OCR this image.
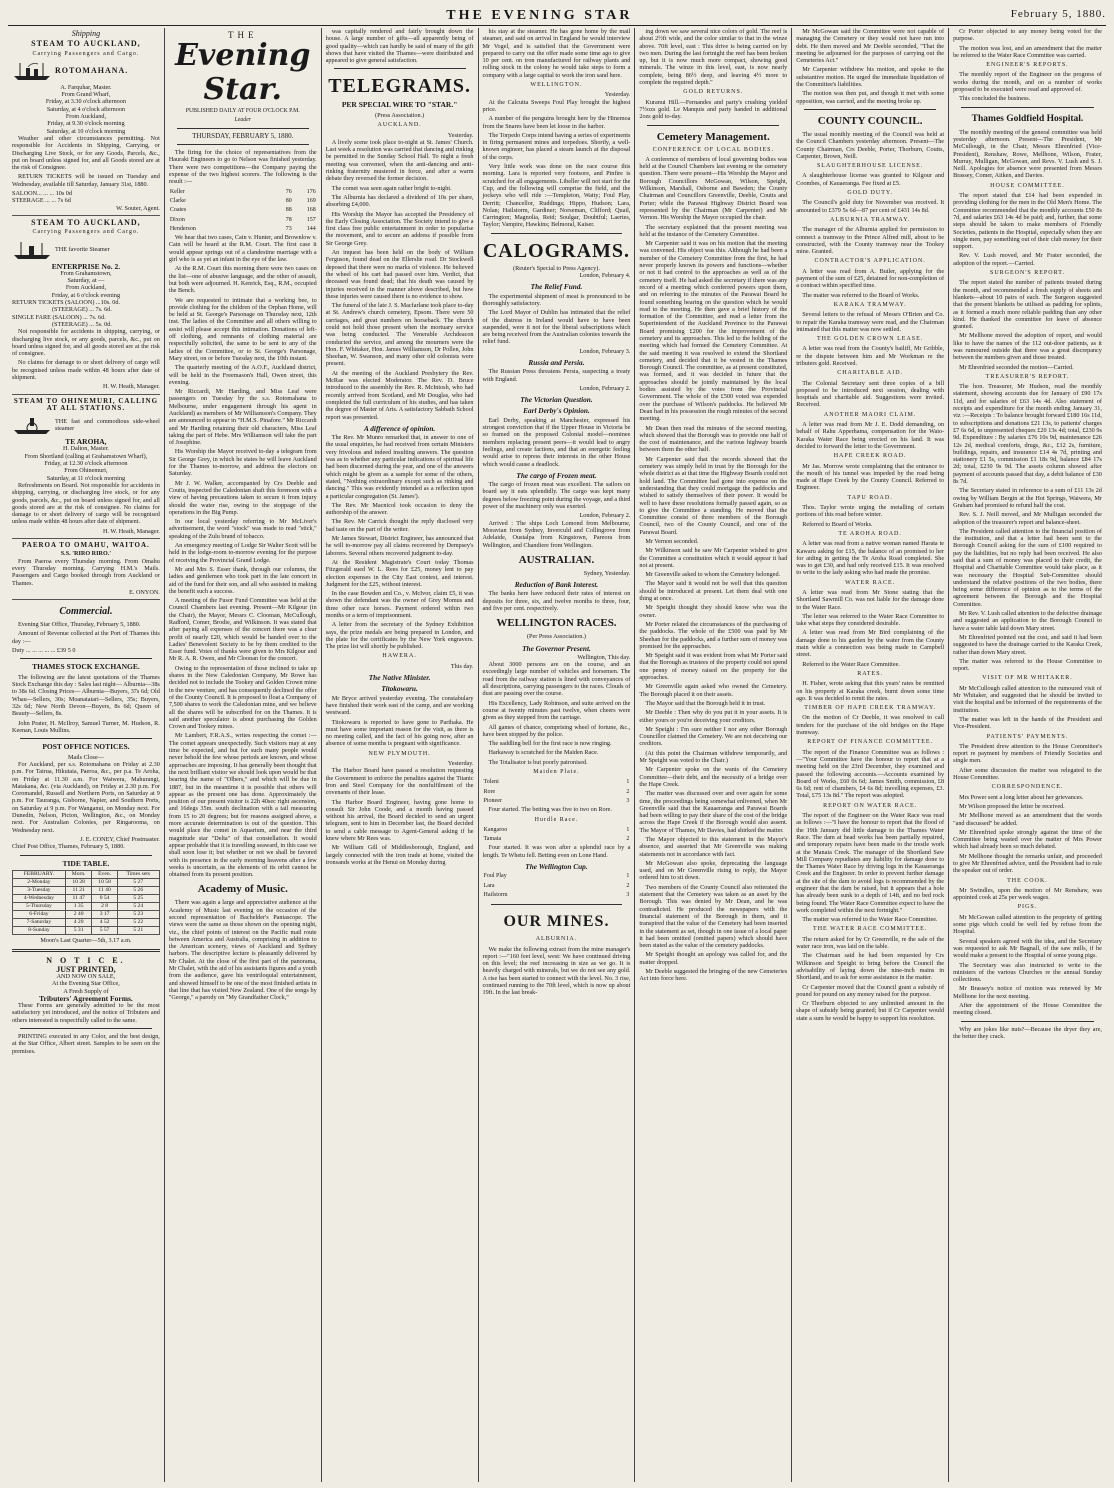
THE EVENING STAR	February 5, 1880.
Shipping
STEAM TO AUCKLAND,
Carrying Passengers and Cargo.
ROTOMAHANA.
A. Farquhar, Master.
From Grand Wharf,
Friday, at 3.30 o'clock afternoon
Saturday, at 4 o'clock afternoon
From Auckland,
Friday, at 9.30 o'clock morning
Saturday, at 10 o'clock morning

Weather and other circumstances permitting. Not responsible for Accidents in Shipping, Carrying, or Discharging Live Stock, or for any Goods, Parcels, &c., put on board unless signed for, and all Goods stored are at the risk of Consignee.

RETURN TICKETS will be issued on Tuesday and Wednesday, available till Saturday, January 31st, 1880.

SALOON... ... ... 10s 0d
STEERAGE ... ... 7s 6d
W. Souter, Agent.
STEAM TO AUCKLAND,
Carrying Passengers and Cargo.
THE favorite Steamer
ENTERPRISE No. 2.
From Grahamstown,
Saturday, at —
From Auckland,
Friday, at 6 o'clock evening
RETURN TICKETS (SALOON) ...10s. 0d.
(STEERAGE) ... 7s. 6d.
SINGLE FARE (SALOON) ... 7s. 6d.
(STEERAGE) ... 5s. 0d.

Not responsible for accidents in shipping, carrying, or discharging live stock, or any goods, parcels, &c., put on board unless signed for, and all goods stored are at the risk of consignee.

No claims for damage to or short delivery of cargo will be recognised unless made within 48 hours after date of shipment.

H. W. Heath, Manager.
STEAM TO OHINEMURI, CALLING AT ALL STATIONS.
THE fast and commodious side-wheel steamer
TE AROHA,
H. Dalton, Master.
From Shortland (calling at Grahamstown Wharf),
Friday, at 12.30 o'clock afternoon
From Ohinemuri,
Saturday, at 11 o'clock morning

Refreshments on Board. Not responsible for accidents in shipping, carrying, or discharging live stock, or for any goods, parcels, &c., put on board unless signed for, and all goods stored are at the risk of consignee. No claims for damage to or short delivery of cargo will be recognised unless made within 48 hours after date of shipment.

H. W. Heath, Manager.
PAEROA TO OMAHU, WAITOA.
S.S. 'RIRO RIRO.'

From Paeroa every Thursday morning. From Omahu every Thursday morning. Carrying H.M.'s Mails. Passengers and Cargo booked through from Auckland or Thames.

E. ONYON.
Commercial.

Evening Star Office, Thursday, February 5, 1880.

Amount of Revenue collected at the Port of Thames this day :—

Duty ... ... ... ... ... £39 5 0
THAMES STOCK EXCHANGE.

The following are the latest quotations of the Thames Stock Exchange this day : Sales last night— Alburnia—38s to 38s 6d. Closing Prices— Alburnia—Buyers, 37s 6d; Old Whau—Sellers, 30s; Moanataiari—Sellers, 35s; Buyers, 32s 6d; New North Devon—Buyers, 8s 6d; Queen of Beauty—Sellers, 8s.

John Prater, H. McIlroy, Samuel Turner, M. Hudson, R. Keenan, Louis Mullins.

POST OFFICE NOTICES.
Mails Close—

For Auckland, per s.s. Rotomahana on Friday at 2.30 p.m. For Tairua, Hikutaia, Paeroa, &c., per p.a. Te Aroha, on Friday at 11.30 a.m. For Waiwera, Mahurangi, Matakana, &c. (via Auckland), on Friday at 2.30 p.m. For Coromandel, Russell and Northern Ports, on Saturday at 9 p.m. For Tauranga, Gisborne, Napier, and Southern Ports, on Saturday at 9 p.m. For Wanganui, on Monday next. For Dunedin, Nelson, Picton, Wellington, &c., on Monday next. For Australian Colonies, per Ringarooma, on Wednesday next.

J. E. CONEY, Chief Postmaster.
Chief Post Office, Thames, February 5, 1880.
TIDE TABLE.
FEBRUARY.	Morn.	Even.	Times sets
2-Monday	10 28	10 58	5 27
3-Tuesday	11 21	11 40	5 26
4-Wednesday	11 47	0 54	5 25
5-Thursday	1 35	2 8	5 24
6-Friday	2 40	3 17	5 23
7-Saturday	4 20	4 52	5 22
8-Sunday	5 31	5 57	5 21
Moon's Last Quarter—5th, 3.17 a.m.
N O T I C E.
JUST PRINTED,
AND NOW ON SALE,
At the Evening Star Office,
A Fresh Supply of
Tributers' Agreement Forms.

These Forms are generally admitted to be the most satisfactory yet introduced, and the notice of Tributers and others interested is respectfully called to the same.

PRINTING executed in any Color, and the best design, at the Star Office, Albert street. Samples to be seen on the premises.

THE
Evening Star.
PUBLISHED DAILY AT FOUR O'CLOCK P.M.
Leader
THURSDAY, FEBRUARY 5, 1880.

The firing for the choice of representatives from the Hauraki Engineers to go to Nelson was finished yesterday. There were two competitions—the Company paying the expense of the two highest scorers. The following is the result :—

Keller	76	176
Clarke	80	169
Coates	88	168
Dixon	78	157
Henderson	73	144

We hear that two cases, Cain v. Hunter, and Brownlow v. Cain will be heard at the R.M. Court. The first case it would appear springs out of a clandestine marriage with a girl who is as yet an infant in the eye of the law.

At the R.M. Court this morning there were two cases on the list—one of abusive language, and the other of assault, but both were adjourned. H. Kenrick, Esq., R.M., occupied the Bench.

We are requested to intimate that a working bee, to provide clothing for the children of the Orphan Home, will be held at St. George's Parsonage on Thursday next, 12th inst. The ladies of the Committee and all others willing to assist will please accept this intimation. Donations of left-off clothing, and remnants of clothing material are respectfully solicited, the same to be sent to any of the ladies of the Committee, or to St. George's Parsonage, Mary street, on or before Tuesday next, the 10th instant.

The quarterly meeting of the A.O.F., Auckland district, will be held in the Freemason's Hall, Owen street, this evening.

Mr Riccardi, Mr Harding, and Miss Leaf were passengers on Tuesday by the s.s. Rotomahana to Melbourne, under engagement through his agent in Auckland) as members of Mr Williamson's Company. They are announced to appear in "H.M.S. Pinafore." Mr Riccardi and Mr Harding retaining their old characters, Miss Leaf taking the part of Hebe. Mrs Williamson will take the part of Josephine.

His Worship the Mayor received to-day a telegram from Sir George Grey, in which he states he will leave Auckland for the Thames to-morrow, and address the electors on Saturday.

Mr J. W. Walker, accompanied by Crs Deeble and Coutts, inspected the Caledonian shaft this forenoon with a view of having precautions taken to secure it from injury should the water rise, owing to the stoppage of the operations in the Big Pump.

In our local yesterday referring to Mr McLiver's advertisement, the word "stock" was made to read "stick," speaking of the Zulu brand of tobacco.

An emergency meeting of Lodge Sir Walter Scott will be held in the lodge-room to-morrow evening for the purpose of receiving the Provincial Grand Lodge.

Mr and Mrs S. Esser thank, through our columns, the ladies and gentlemen who took part in the late concert in aid of the fund for their son, and all who assisted in making the benefit such a success.

A meeting of the Fusor Fund Committee was held at the Council Chambers last evening. Present—Mr Kilgour (in the Chair), the Mayor, Messrs C. Clooman, McCullough, Radford, Comer, Brodie, and Wilkinson. It was stated that after paying all expenses of the concert there was a clear profit of nearly £20, which would be handed over to the Ladies' Benevolent Society to be by them credited to the Esser fund. Votes of thanks were given to Mrs Kilgour and Mr R. A. R. Owen, and Mr Cloonan for the concert.

Owing to the representation of those inclined to take up shares in the New Caledonian Company, Mr Rowe has decided not to include the Tookey and Golden Crown mine in the new venture, and has consequently declined the offer of the County Council. It is proposed to float a Company of 7,500 shares to work the Caledonian mine, and we believe all the shares will be subscribed for on the Thames. It is said another speculator is about purchasing the Golden Crown and Tookey mines.

Mr Lambert, F.R.A.S., writes respecting the comet :—The comet appears unexpectedly. Such visitors may at any time be expected, and but for such many people would never behold the few whose periods are known, and whose approaches are imposing. It has generally been thought that the next brilliant visitor we should look upon would be that bearing the name of "Olbers," and which will be due in 1887, but in the meantime it is possible that others will appear as the present one has done. Approximately the position of our present visitor is 22h 40sec right ascension, and 16degs 35m. south declination with a tail measuring from 15 to 20 degrees; but for reasons assigned above, a more accurate determination is out of the question. This would place the comet in Aquarium, and near the third magnitude star "Delta" of that constellation. It would appear probable that it is travelling seaward, in this case we shall soon lose it; but whether or not we shall be favored with its presence in the early morning heavens after a few weeks is uncertain, as the elements of its orbit cannot be obtained from its present position.

Academy of Music.

There was again a large and appreciative audience at the Academy of Music last evening on the occasion of the second representation of Bachelder's Pantascope. The views were the same as those shown on the opening night, viz., the chief points of interest on the Pacific mail route between America and Australia, comprising in addition to the American scenery, views of Auckland and Sydney harbors. The descriptive lecture is pleasantly delivered by Mr Chalet. At the close of the first part of the panorama, Mr Chalet, with the aid of his assistants figures and a youth from the audience, gave his ventriloquial entertainment, and showed himself to be one of the most finished artists in that line that has visited New Zealand. One of the songs by "George," a parody on "My Grandfather Clock,"

was capitally rendered and fairly brought down the house. A large number of gifts—all apparently being of good quality—which can hardly be said of many of the gift shows that have visited the Thames—were distributed and appeared to give general satisfaction.

TELEGRAMS.
PER SPECIAL WIRE TO "STAR."
(Press Association.)
AUCKLAND.
Yesterday.

A lively scene took place to-night at St. James' Church. Last week a resolution was carried that dancing and rinking be permitted in the Sunday School Hall. To night a fresh meeting was convened, when the anti-dancing and anti-rinking fraternity mustered in force, and after a warm debate they reversed the former decision.

The comet was seen again rather bright to-night.

The Alburnia has declared a dividend of 10s per share, absorbing £4,000.

His Worship the Mayor has accepted the Presidency of the Early Closing Association. The Society intend to give a first class free public entertainment in order to popularise the movement, and to secure an address if possible from Sir George Grey.

An inquest has been held on the body of William Ferguson, found dead on the Ellerslie road. Dr Stockwell deposed that there were no marks of violence. He believed the wheel of his cart had passed over him. Verdict, that deceased was found dead; that his death was caused by injuries received in the manner above described, but how these injuries were caused there is no evidence to show.

The funeral of the late J. S. Macfarlane took place to-day at St. Andrew's church cemetery, Epsom. There were 50 carriages, and great numbers on horseback. The church could not hold those present when the mortuary service was being conducted. The Venerable Archdeacon conducted the service, and among the mourners were the Hon. F. Whitaker, Hon. James Williamson, Dr Pollen, John Sheehan, W. Swanson, and many other old colonists were present.

At the meeting of the Auckland Presbytery the Rev. McRae was elected Moderator. The Rev. D. Bruce introduced to the assembly the Rev. R. McIntosh, who had recently arrived from Scotland, and Mr Douglas, who had completed the full curriculum of his studies, and has taken the degree of Master of Arts. A satisfactory Sabbath School report was presented.

A difference of opinion.

The Rev. Mr Munro remarked that, in answer to one of the usual enquiries, he had received from certain Ministers very frivolous and indeed insulting answers. The question was as to whether any particular indications of spiritual life had been discerned during the year, and one of the answers which might be given as a sample for some of the others, stated, "Nothing extraordinary except such as rinking and dancing." This was evidently intended as a reflection upon a particular congregation (St. James').

The Rev. Mr Macnicol took occasion to deny the authorship of the answer.

The Rev. Mr Carrick thought the reply disclosed very bad taste on the part of the writer.

Mr James Stewart, District Engineer, has announced that he will to-morrow pay all claims recovered by Dempsey's laborers. Several others recovered judgment to-day.

At the Resident Magistrate's Court today Thomas Fitzgerald sued W. L. Rees for £25, money lent to pay election expenses in the City East contest, and interest. Judgment for the £25, without interest.

In the case Bowden and Co., v. McIvor, claim £5, it was shown the defendant was the owner of Grey Momus and three other race horses. Payment ordered within two months or a term of imprisonment.

A letter from the secretary of the Sydney Exhibition says, the prize medals are being prepared in London, and the plate for the certificates by the New York engravers. The prize list will shortly be published.

HAWERA.
This day.
The Native Minister.
Titokowaru.

Mr Bryce arrived yesterday evening. The constabulary have finished their work east of the camp, and are working westward.

Titokowaru is reported to have gone to Parihaka. He must have some important reason for the visit, as there is no meeting called, and the fact of his going now, after an absence of some months is pregnant with significance.

NEW PLYMOUTH.
Yesterday.

The Harbor Board have passed a resolution requesting the Government to enforce the penalties against the Titanic Iron and Steel Company for the nonfulfilment of the covenants of their lease.

The Harbor Board Engineer, having gone home to consult Sir John Coode, and a month having passed without his arrival, the Board decided to send an urgent telegram, sent to him in December last, the Board decided to send a cable message to Agent-General asking if he knew where Mr Rees was.

Mr William Gill of Middlesborough, England, and largely connected with the iron trade at home, visited the ironsands works at the Henui on Monday during

his stay at the steamer. He has gone home by the mail steamer, and said on arrival in England he would interview Mr Vogel, and is satisfied that the Government were prepared to carry out the offer made some time ago to give 10 per cent. on iron manufactured for railway plants and rolling stock in the colony he would take steps to form a company with a large capital to work the iron sand here.

WELLINGTON.
Yesterday.

At the Calcutta Sweeps Foul Play brought the highest price.

A number of the penguins brought here by the Hinemoa from the Snares have been let loose in the harbor.

The Torpedo Corps intend having a series of experiments in firing permanent mines and torpedoes. Shortly, a well-known engineer, has placed a steam launch at the disposal of the corps.

Very little work was done on the race course this morning. Lara is reported very footsore, and Pinfire is scratched for all engagements. Libeller will not start for the Cup, and the following will comprise the field, and the jockeys who will ride :—Templeton, Watty; Foul Play, Derritt; Chancellor, Ruddings; Hippo, Hudson; Lara, Nolan; Hailstorm, Gardiner; Norseman, Clifford; Quail, Carrington; Magnolia, Reid; Soulgar, Doubtful; Laertes, Taylor; Vampire, Hawkins; Belmoral, Kaiser.

CALOGRAMS.
(Reuter's Special to Press Agency).
London, February 4.
The Relief Fund.

The experimental shipment of meat is pronounced to be thoroughly satisfactory.

The Lord Mayor of Dublin has intimated that the relief of the distress in Ireland would have to have been suspended, were it not for the liberal subscriptions which are being received from the Australian colonies towards the relief fund.

London, February 3.
Russia and Persia.

The Russian Press threatens Persia, suspecting a treaty with England.

London, February 2.
The Victorian Question.
Earl Derby's Opinion.

Earl Derby, speaking at Manchester, expressed his strongest conviction that if the Upper House in Victoria be so framed on the proposed Colonial model—nominee members replacing present peers—it would lead to angry feelings, and create factions, and that an energetic feeling would arise to repress their interests in the other House which would cause a deadlock.

The cargo of Frozen meat.

The cargo of frozen meat was excellent. The sailors on board say it eats splendidly. The cargo was kept many degrees below freezing point during the voyage, and a third power of the machinery only was exerted.

London, February 2.

Arrived : The ships Loch Lomond from Melbourne, Moravian from Sydney, Inverculd and Collingrove from Adelaide, Oustalpa from Kingstown, Pareora from Wellington, and Chandiere from Wellington.

AUSTRALIAN.
Sydney, Yesterday.
Reduction of Bank Interest.

The banks here have reduced their rates of interest on deposits for three, six, and twelve months to three, four, and five per cent. respectively.

WELLINGTON RACES.
(Per Press Association.)
The Governor Present.
Wellington, This day.

About 3000 persons are on the course, and an exceedingly large number of vehicles and horsemen. The road from the railway station is lined with conveyances of all descriptions, carrying passengers to the races. Clouds of dust are passing over the course.

His Excellency, Lady Robinson, and suite arrived on the course at twenty minutes past twelve, when cheers were given as they stepped from the carriage.

All games of chance, comprising wheel of fortune, &c., have been stopped by the police.

The saddling bell for the first race is now ringing.

Harkaway is scratched for the Maiden Race.

The Totalisator is but poorly patronised.

Maiden Plate.
Toleni	1
Rore	2
Pioneer	3

Four started. The betting was five to two on Rore.

Hurdle Race.
Kangaroo	1
Tamata	2

Four started. It was won after a splendid race by a length. Te Whetu fell. Betting even on Lone Hand.

The Wellington Cup.
Foul Play	1
Lara	2
Hailstorm	3
OUR MINES.
ALBURNIA.

We make the following extract from the mine manager's report :—"160 feet level, west: We have continued driving on this level; the reef increasing in size as we go. It is heavily charged with minerals, but we do not see any gold. A rise has been started to connect with the level. No. 3 rise, continued running to the 70ft level, which is now up about 19ft. In the last break-

ing down we saw several nice colors of gold. The reef is about 2½ft wide, and the color similar to that in the winze above. 70ft level, east : This drive is being carried on by two men. During the last fortnight the reef has been broken up, but it is now much more compact, showing good minerals. The winze in this level, east, is now nearly complete, being 86½ deep, and leaving 4½ more to complete the required depth."

GOLD RETURNS.

Kuranui Hill.—Fernandes and party's crushing yielded 7½ozs gold. Le Manquis and party handed in additional 2ozs gold to-day.

Cemetery Management.
CONFERENCE OF LOCAL BODIES.

A conference of members of local governing bodies was held at the Council Chambers last evening re the cemetery question. There were present—His Worship the Mayor and Borough Councillors McGowan, Wilson, Speight, Wilkinson, Marshall, Osborne and Bawden; the County Chairman and Councillors Greenville, Deeble, Coutts and Porter; while the Parawai Highway District Board was represented by the Chairman (Mr Carpenter) and Mr Vernon. His Worship the Mayor occupied the chair.

The secretary explained that the present meeting was held at the instance of the Cemetery Committee.

Mr Carpenter said it was on his motion that the meeting was convened. His object was this. Although he had been a member of the Cemetery Committee from the first, he had never properly known its powers and functions—whether or not it had control to the approaches as well as of the cemetery itself. He had asked the secretary if there was any record of a meeting which conferred powers upon them, and on referring to the minutes of the Parawai Board he found something bearing on the question which he would read to the meeting. He then gave a brief history of the formation of the Committee, and read a letter from the Superintendent of the Auckland Province to the Parawai Board promising £200 for the improvement of the cemetery and its approaches. This led to the holding of the meeting which had formed the Cemetery Committee. At the said meeting it was resolved to extend the Shortland cemetery, and decided that it be vested in the Thames Borough Council. The committee, as at present constituted, was formed, and it was decided in future that the approaches should be jointly maintained by the local bodies assisted by the votes from the Provincial Government. The whole of the £500 voted was expended over the purchase of Wilson's paddocks. He believed Mr Dean had in his possession the rough minutes of the second meeting.

Mr Dean then read the minutes of the second meeting, which showed that the Borough was to provide one half of the cost of maintenance, and the various highway boards between them the other half.

Mr Carpenter said that the records showed that the cemetery was simply held in trust by the Borough for the whole district as at that time the Highway Boards could not hold land. The Committee had gone into expense on the understanding that they could mortgage the paddocks and wished to satisfy themselves of their power. It would be well to have these resolutions formally passed again, so as to give the Committee a standing. He moved that the Committee consist of three members of the Borough Council, two of the County Council, and one of the Parawai Board.

Mr Vernon seconded.

Mr Wilkinson said he saw Mr Carpenter wished to give the Committee a constitution which it would appear it had not at present.

Mr Greenville asked to whom the Cemetery belonged.

The Mayor said it would not be well that this question should be introduced at present. Let them deal with one thing at once.

Mr Speight thought they should know who was the owner.

Mr Porter related the circumstances of the purchasing of the paddocks. The whole of the £500 was paid by Mr Sheehan for the paddocks, and a further sum of money was promised for the approaches.

Mr Speight said it was evident from what Mr Porter said that the Borough as trustees of the property could not spend one penny of money raised on the property for the approaches.

Mr Greenville again asked who owned the Cemetery. The Borough placed it on their assets.

The Mayor said that the Borough held it in trust.

Mr Deeble : Then why do you put it in your assets. It is either yours or you're deceiving your creditors.

Mr Speight : I'm sure neither I nor any other Borough Councillor claimed the Cemetery. We are not deceiving our creditors.

(At this point the Chairman withdrew temporarily, and Mr Speight was voted to the Chair.)

Mr Carpenter spoke on the wants of the Cemetery Committee—their debt, and the necessity of a bridge over the Hape Creek.

The matter was discussed over and over again for some time, the proceedings being somewhat enlivened, when Mr Greenville said that the Kauaeranga and Parawai Boards had been willing to pay their share of the cost of the bridge across the Hape Creek if the Borough would also assent. The Mayor of Thames, Mr Davies, had shirked the matter.

The Mayor objected to this statement in the Mayor's absence, and asserted that Mr Greenville was making statements not in accordance with fact.

Mr McGowan also spoke, deprecating the language used, and on Mr Greenville rising to reply, the Mayor ordered him to sit down.

Two members of the County Council also reiterated the statement that the Cemetery was taken as an asset by the Borough. This was denied by Mr Dean, and he was contradicted. He produced the newspapers with the financial statement of the Borough in them, and it transpired that the value of the Cemetery had been inserted in the statement as set, though in one issue of a local paper it had been omitted (omitted papers) which should have been stated as the value of the cemetery paddocks.

Mr Speight thought an apology was called for, and the matter dropped.

Mr Deeble suggested the bringing of the new Cemeteries Act into force here.

Mr McGowan said the Committee were not capable of managing the Cemetery or they would not have run into debt. He then moved and Mr Deeble seconded, "That the meeting be adjourned for the purposes of carrying out the Cemeteries Act."

Mr Carpenter withdrew his motion, and spoke to the substantive motion. He urged the immediate liquidation of the Committee's liabilities.

The motion was then put, and though it met with some opposition, was carried, and the meeting broke up.

COUNTY COUNCIL.

The usual monthly meeting of the Council was held at the Council Chambers yesterday afternoon. Present—The County Chairman, Crs Deeble, Porter, Thorburn, Coutts, Carpenter, Brown, Neill.

SLAUGHTERHOUSE LICENSE.

A slaughterhouse license was granted to Kilgour and Coombes, of Kauaeranga. Fee fixed at £5.

GOLD DUTY.

The Council's gold duty for November was received. It amounted to £379 5s 6d—87 per cent of £431 14s 8d.

ALBURNIA TRAMWAY.

The manager of the Alburnia applied for permission to connect a tramway to the Prince Alfred mill, about to be constructed, with the County tramway near the Tookey mine. Granted.

CONTRACTOR'S APPLICATION.

A letter was read from A. Butler, applying for the payment of the sum of £25, detained for non-completion of a contract within specified time.

The matter was referred to the Board of Works.

KARAKA TRAMWAY.

Several letters to the refusal of Messrs O'Brien and Co. to repair the Karaka tramway were read, and the Chairman intimated that this matter was now settled.

THE GOLDEN CROWN LEASE.

A letter was read from the County's bailiff, Mr Gribble, re the dispute between him and Mr Workman re the tributers gold. Received.

CHARITABLE AID.

The Colonial Secretary sent three copies of a bill proposed to be introduced next session, dealing with hospitals and charitable aid. Suggestions were invited. Received.

ANOTHER MAORI CLAIM.

A letter was read from Mr J. E. Dodd demanding, on behalf of Rahu Apperhama, compensation for the Waio-Karaka Water Race being erected on his land. It was decided to forward the letter to the Government.

HAPE CREEK ROAD.

Mr Jas. Morrow wrote complaining that the entrance to the mouth of his tunnel was impeded by the road being made at Hape Creek by the County Council. Referred to Engineer.

TAPU ROAD.

Thos. Taylor wrote urging the metalling of certain portions of this road before winter.

Referred to Board of Works.

TE AROHA ROAD.

A letter was read from a native woman named Harata te Kawaru asking for £15, the balance of an promised to her for aiding in getting the Te Aroha Road completed. She was to get £30, and had only received £15. It was resolved to write to the lady asking who had made the promise.

WATER RACE.

A letter was read from Mr Stone stating that the Shortland Sawmill Co. was not liable for the damage done to the Water Race.

The letter was referred to the Water Race Committee to take what steps they considered desirable.

A letter was read from Mr Bird complaining of the damage done to his garden by the water from the County main while a connection was being made in Campbell street.

Referred to the Water Race Committee.

RATES.

H. Fisher, wrote asking that this years' rates be remitted on his property at Karaka creek, burnt down some time ago. It was decided to remit the rates.

TIMBER OF HAPE CREEK TRAMWAY.

On the motion of Cr Deeble, it was resolved to call tenders for the purchase of the old bridges on the Hape tramway.

REPORT OF FINANCE COMMITTEE.

The report of the Finance Committee was as follows :—"Your Committee have the honour to report that at a meeting held on the 23rd December, they examined and passed the following accounts.—Accounts examined by Board of Works, £60 0s 6d; James Smith, commission, £8 6s 6d; rent of chambers, £4 6s 8d; travelling expenses, £3. Total, £75 13s 8d." The report was adopted.

REPORT ON WATER RACE.

The report of the Engineer on the Water Race was read as follows :—"I have the honour to report that the flood of the 19th January did little damage to the Thames Water Race. The dam at head works has been partially repaired, and temporary repairs have been made to the trestle work at the Manaia Creek. The manager of the Shortland Saw Mill Company repudiates any liability for damage done to the Thames Water Race by driving logs in the Kauaeranga Creek and the Engineer. In order to prevent further damage at the site of the dam to avoid logs is recommended by the engineer that the dam be raised, but it appears that a hole has already been sunk to a depth of 14ft, and no bed rock being found. The Water Race Committee expect to have the work completed within the next fortnight."

The matter was referred to the Water Race Committee.

THE WATER RACE COMMITTEE.

The return asked for by Cr Greenville, re the sale of the water race iron, was laid on the table.

The Chairman said he had been requested by Crs Wilkinson and Speight to bring before the Council the advisability of laying down the nine-inch mains in Shortland, and to ask for some assistance in the matter.

Cr Carpenter moved that the Council grant a subsidy of pound for pound on any money raised for the purpose.

Cr Thorburn objected to any unlimited amount in the shape of subsidy being granted; but if Cr Carpenter would state a sum he would be happy to support his resolution.

Cr Porter objected to any money being voted for the purpose.

The motion was lost, and an amendment that the matter be referred to the Water Race Committee was carried.

ENGINEER'S REPORTS.

The monthly report of the Engineer on the progress of works during the month, and on a number of works proposed to be executed were read and approved of.

This concluded the business.

Thames Goldfield Hospital.

The monthly meeting of the general committee was held yesterday afternoon. Present—The President, Mr McCullough, in the Chair, Messrs Ehrenfried (Vice-President), Renshaw, Rowe, Mellhone, Wilson, Frater, Murray, Mulligan, McGowan, and Revs. V. Lush and S. J. Neill. Apologies for absence were presented from Messrs Brassey, Comer, Aitken, and Davies.

HOUSE COMMITTEE.

The report stated that £14 had been expended in providing clothing for the men in the Old Men's Home. The Committee recommended that the monthly accounts £50 8s 7d, and salaries £63 14s 4d be paid; and, further, that some steps should be taken to make members of Friendly Societies, patients in the Hospital, especially when they are single men, pay something out of their club money for their support.

Rev. V. Lush moved, and Mr Frater seconded, the adoption of the report.—Carried.

SURGEON'S REPORT.

The report stated the number of patients treated during the month, and recommended a fresh supply of sheets and blankets—about 10 pairs of each. The Surgeon suggested that the present blankets be utilised as padding for splints, as it formed a much more reliable padding than any other kind. He thanked the committee for leave of absence granted.

Mr Mellhone moved the adoption of report, and would like to have the names of the 112 out-door patients, as it was rumoured outside that there was a great discrepancy between the numbers given and those treated.

Mr Ehrenfried seconded the motion—Carried.

TREASURER'S REPORT.

The hon. Treasurer, Mr Hudson, read the monthly statement, showing accounts due for January of £90 17s 11d, and for salaries of £63 14s 4d. Also statement of receipts and expenditure for the month ending January 31, viz :—Receipts : To balance brought forward £180 16s 11d, to subscriptions and donations £21 13s, to patients' charges £7 6s 6d, to unpresented cheques £20 13s 4d; total, £230 9s 9d. Expenditure : By salaries £76 10s 9d, maintenance £26 12s 2d, medical comforts, drugs, &c., £12 2s, furniture, buildings, repairs, and insurance £14 4s 7d, printing and stationery £1 5s, commission £1 18s 9d, balance £84 17s 2d; total, £230 9s 9d. The assets column showed after payment of accounts passed that day, a debit balance of £30 8s 7d.

The Secretary stated in reference to a sum of £11 13s 2d owing by William Bergin at the Hot Springs, Waiwera, Mr Graham had promised to refund half the cost.

Rev. S. J. Neill moved, and Mr Mulligan seconded the adoption of the treasurer's report and balance-sheet.

The President called attention to the financial position of the institution, and that a letter had been sent to the Borough Council asking for the sum of £100 required to pay the liabilities, but no reply had been received. He also said that a sum of money was placed to their credit, the Hospital and Charitable Committee would take place, as it was necessary the Hospital Sub-Committee should understand the relative positions of the two bodies, there being some difference of opinion as to the terms of the agreement between the Borough and the Hospital Committee.

Mr Rev. V. Lush called attention to the defective drainage and suggested an application to the Borough Council to have a water table laid down Mary street.

Mr Ehrenfried pointed out the cost, and said it had been suggested to have the drainage carried to the Karaka Creek, rather than down Mary street.

The matter was referred to the House Committee to report.

VISIT OF MR WHITAKER.

Mr McCullough called attention to the rumoured visit of Mr Whitaker, and suggested that he should be invited to visit the hospital and be informed of the requirements of the institution.

The matter was left in the hands of the President and Vice-President.

PATIENTS' PAYMENTS.

The President drew attention to the House Committee's report re payment by members of Friendly Societies and single men.

After some discussion the matter was relegated to the House Committee.

CORRESPONDENCE.

Mrs Power sent a long letter about her grievances.

Mr Wilson proposed the letter be received.

Mr Mellhone moved as an amendment that the words "and discussed" be added.

Mr Ehrenfried spoke strongly against the time of the Committee being wasted over the matter of Mrs Power which had already been so much debated.

Mr Mellhone thought the remarks unfair, and proceeded to give Mr Ehrenfried advice, until the President had to rule the speaker out of order.

THE COOK.

Mr Swindles, upon the motion of Mr Renshaw, was appointed cook at 25s per week wages.

PIGS.

Mr McGowan called attention to the propriety of getting some pigs which could be well fed by refuse from the Hospital.

Several speakers agreed with the idea, and the Secretary was requested to ask Mr Bagnall, of the saw mills, if he would make a present to the Hospital of some young pigs.

The Secretary was also instructed to write to the ministers of the various Churches re the annual Sunday collections.

Mr Brassey's notice of motion was renewed by Mr Mellhone for the next meeting.

After the appointment of the House Committee the meeting closed.

Why are jokes like nuts?—Because the dryer they are, the better they crack.
